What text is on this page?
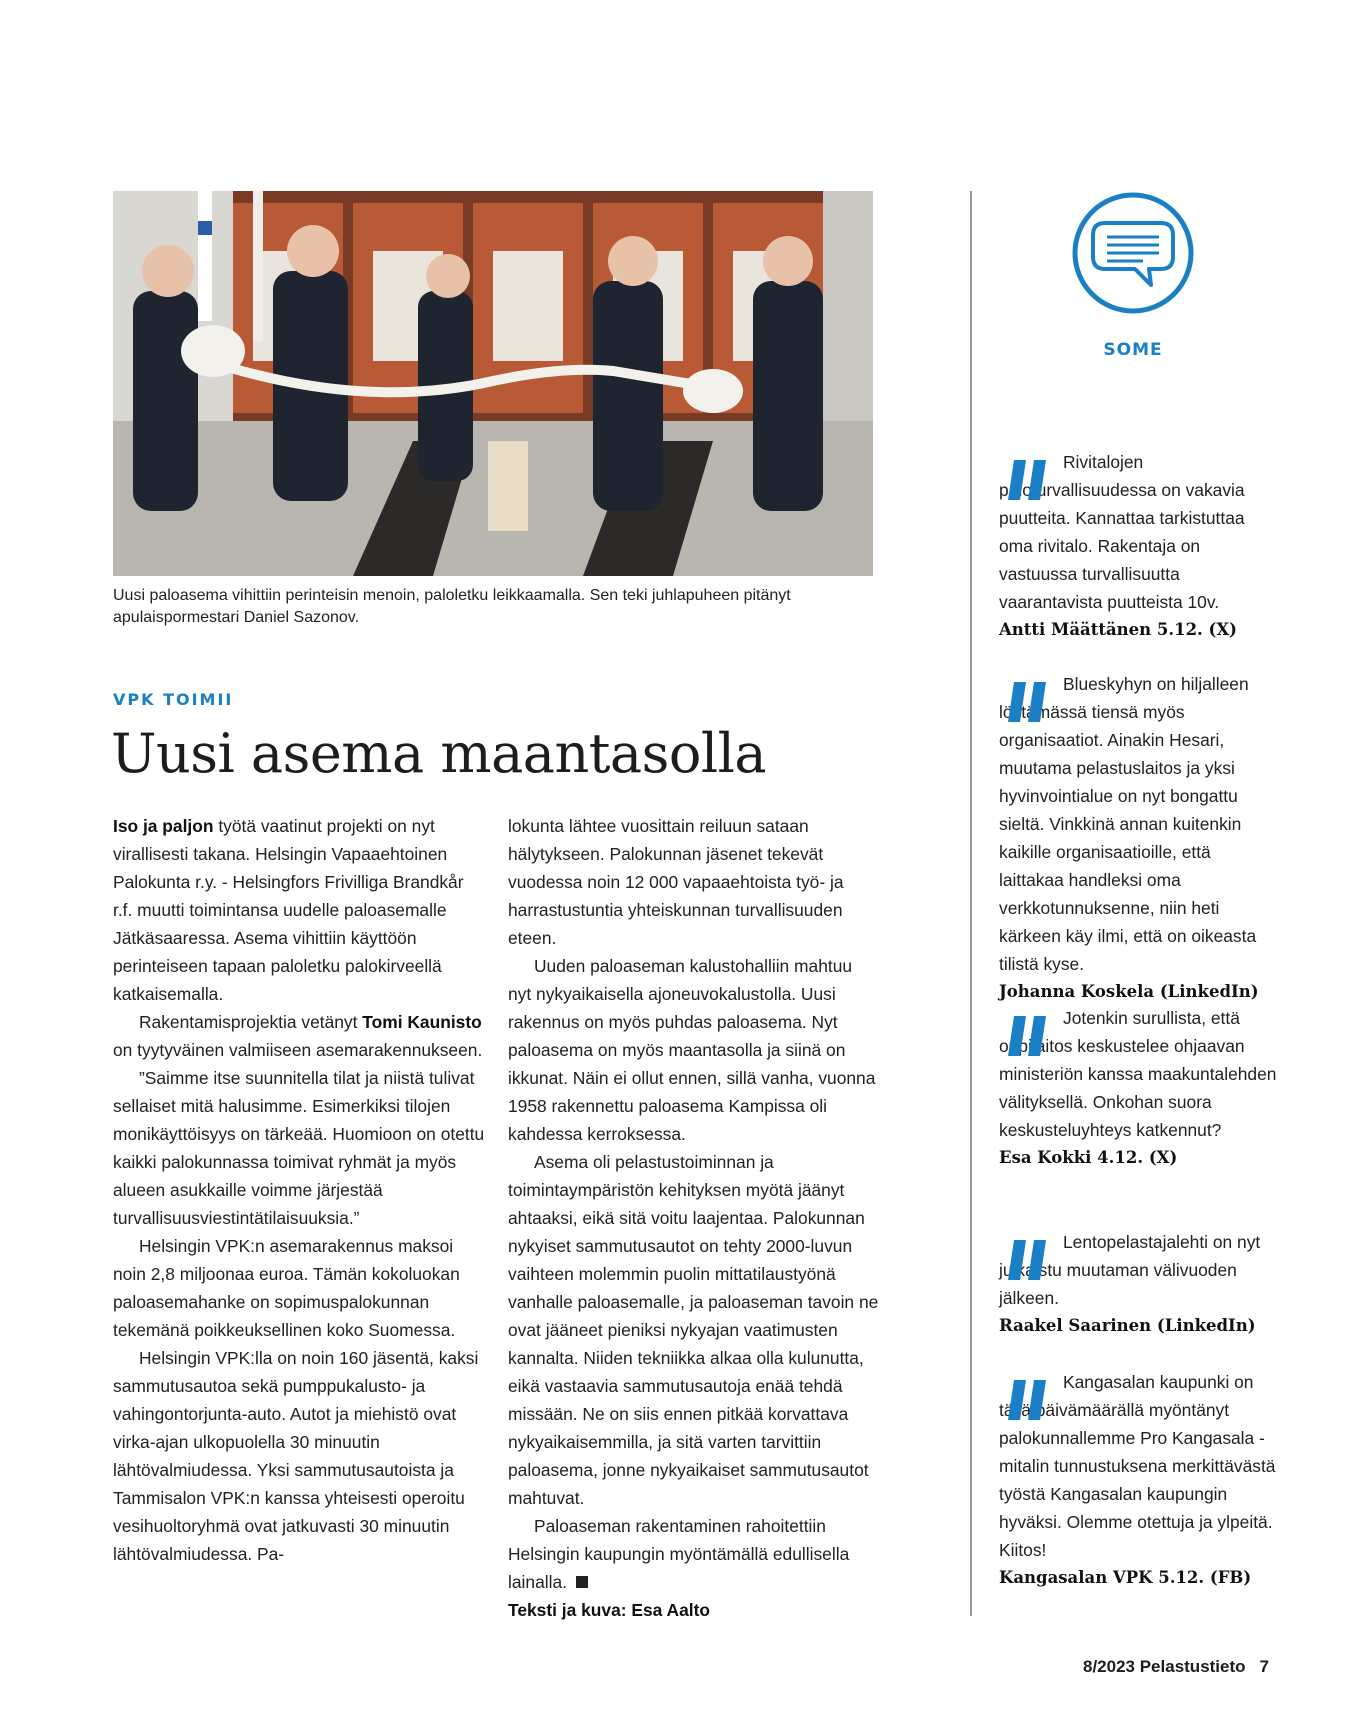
Uusi paloasema vihittiin perinteisin menoin, paloletku leikkaamalla. Sen teki juhlapuheen pitänyt apulaispormestari Daniel Sazonov.
VPK TOIMII
Uusi asema maantasolla

Iso ja paljon työtä vaatinut projekti on nyt virallisesti takana. Helsingin Vapaaehtoinen Palokunta r.y. - Helsingfors Frivilliga Brandkår r.f. muutti toimintansa uudelle paloasemalle Jätkäsaaressa. Asema vihittiin käyttöön perinteiseen tapaan paloletku palokirveellä katkaisemalla.

Rakentamisprojektia vetänyt Tomi Kaunisto on tyytyväinen valmiiseen asemarakennukseen.

”Saimme itse suunnitella tilat ja niistä tulivat sellaiset mitä halusimme. Esimerkiksi tilojen monikäyttöisyys on tärkeää. Huomioon on otettu kaikki palokunnassa toimivat ryhmät ja myös alueen asukkaille voimme järjestää turvallisuusviestintätilaisuuksia.”

Helsingin VPK:n asemarakennus maksoi noin 2,8 miljoonaa euroa. Tämän kokoluokan paloasemahanke on sopimuspalokunnan tekemänä poikkeuksellinen koko Suomessa.

Helsingin VPK:lla on noin 160 jäsentä, kaksi sammutusautoa sekä pumppukalusto- ja vahingontorjunta-auto. Autot ja miehistö ovat virka-ajan ulkopuolella 30 minuutin lähtövalmiudessa. Yksi sammutusautoista ja Tammisalon VPK:n kanssa yhteisesti operoitu vesihuoltoryhmä ovat jatkuvasti 30 minuutin lähtövalmiudessa. Pa-

lokunta lähtee vuosittain reiluun sataan hälytykseen. Palokunnan jäsenet tekevät vuodessa noin 12 000 vapaaehtoista työ- ja harrastustuntia yhteiskunnan turvallisuuden eteen.

Uuden paloaseman kalustohalliin mahtuu nyt nykyaikaisella ajoneuvokalustolla. Uusi rakennus on myös puhdas paloasema. Nyt paloasema on myös maantasolla ja siinä on ikkunat. Näin ei ollut ennen, sillä vanha, vuonna 1958 rakennettu paloasema Kampissa oli kahdessa kerroksessa.

Asema oli pelastustoiminnan ja toimintaympäristön kehityksen myötä jäänyt ahtaaksi, eikä sitä voitu laajentaa. Palokunnan nykyiset sammutusautot on tehty 2000-luvun vaihteen molemmin puolin mittatilaustyönä vanhalle paloasemalle, ja paloaseman tavoin ne ovat jääneet pieniksi nykyajan vaatimusten kannalta. Niiden tekniikka alkaa olla kulunutta, eikä vastaavia sammutusautoja enää tehdä missään. Ne on siis ennen pitkää korvattava nykyaikaisemmilla, ja sitä varten tarvittiin paloasema, jonne nykyaikaiset sammutusautot mahtuvat.

Paloaseman rakentaminen rahoitettiin Helsingin kaupungin myöntämällä edullisella lainalla.

Teksti ja kuva: Esa Aalto

SOME
Rivitalojen paloturvallisuudessa on vakavia puutteita. Kannattaa tarkistuttaa oma rivitalo. Rakentaja on vastuussa turvallisuutta vaarantavista puutteista 10v.
Antti Määttänen 5.12. (X)
Blueskyhyn on hiljalleen löytämässä tiensä myös organisaatiot. Ainakin Hesari, muutama pelastuslaitos ja yksi hyvinvointialue on nyt bongattu sieltä. Vinkkinä annan kuitenkin kaikille organisaatioille, että laittakaa handleksi oma verkkotunnuksenne, niin heti kärkeen käy ilmi, että on oikeasta tilistä kyse.
Johanna Koskela (LinkedIn)
Jotenkin surullista, että oppilaitos keskustelee ohjaavan ministeriön kanssa maakuntalehden välityksellä. Onkohan suora keskusteluyhteys katkennut?
Esa Kokki 4.12. (X)
Lentopelastajalehti on nyt julkaistu muutaman välivuoden jälkeen.
Raakel Saarinen (LinkedIn)
Kangasalan kaupunki on tällä päivämäärällä myöntänyt palokunnallemme Pro Kangasala -mitalin tunnustuksena merkittävästä työstä Kangasalan kaupungin hyväksi. Olemme otettuja ja ylpeitä. Kiitos!
Kangasalan VPK 5.12. (FB)
8/2023 Pelastustieto 7
